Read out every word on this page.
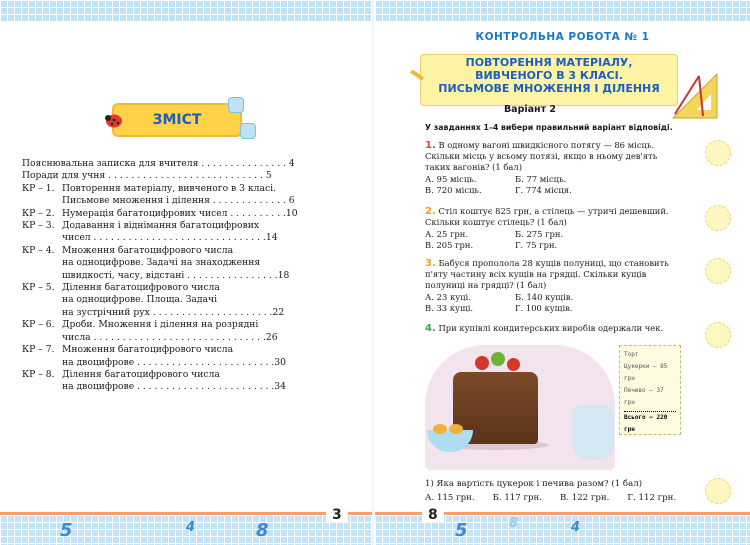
ЗМІСТ
Пояснювальна записка для вчителя . . . . . . . . . . . . . . . 4
Поради для учня . . . . . . . . . . . . . . . . . . . . . . . . . . . 5
КР – 1. Повторення матеріалу, вивченого в 3 класі.
Письмове множення і ділення . . . . . . . . . . . . . 6
КР – 2. Нумерація багатоцифрових чисел . . . . . . . . . .10
КР – 3. Додавання і віднімання багатоцифрових
чисел . . . . . . . . . . . . . . . . . . . . . . . . . . . . . .14
КР – 4. Множення багатоцифрового числа
на одноцифрове. Задачі на знаходження
швидкості, часу, відстані . . . . . . . . . . . . . . . .18
КР – 5. Ділення багатоцифрового числа
на одноцифрове. Площа. Задачі
на зустрічний рух . . . . . . . . . . . . . . . . . . . . .22
КР – 6. Дроби. Множення і ділення на розрядні
числа . . . . . . . . . . . . . . . . . . . . . . . . . . . . . .26
КР – 7. Множення багатоцифрового числа
на двоцифрове . . . . . . . . . . . . . . . . . . . . . . . .30
КР – 8. Ділення багатоцифрового числа
на двоцифрове . . . . . . . . . . . . . . . . . . . . . . . .34
3
5	4	8
КОНТРОЛЬНА РОБОТА № 1
ПОВТОРЕННЯ МАТЕРІАЛУ,
ВИВЧЕНОГО В 3 КЛАСІ.
ПИСЬМОВЕ МНОЖЕННЯ І ДІЛЕННЯ
Варіант 2
У завданнях 1–4 вибери правильний варіант відповіді.
1. В одному вагоні швидкісного потягу — 86 місць. Скільки місць у всьому потязі, якщо в ньому дев'ять таких вагонів? (1 бал)
А. 95 місць.	Б. 77 місць.
В. 720 місць.	Г. 774 місця.
2. Стіл коштує 825 грн, а стілець — утричі дешевший. Скільки коштує стілець? (1 бал)
А. 25 грн.	Б. 275 грн.
В. 205 грн.	Г. 75 грн.
3. Бабуся прополола 28 кущів полуниці, що становить п'яту частину всіх кущів на грядці. Скільки кущів полуниці на грядці? (1 бал)
А. 23 куці.	Б. 140 кущів.
В. 33 кущі.	Г. 100 кущів.
4. При купівлі кондитерських виробів одержали чек.
Торт
Цукерки — 85 грн
Печиво — 37 грн
Всього — 220 грн
1) Яка вартість цукерок і печива разом? (1 бал)
А. 115 грн. Б. 117 грн. В. 122 грн. Г. 112 грн.
8
5	8	4
